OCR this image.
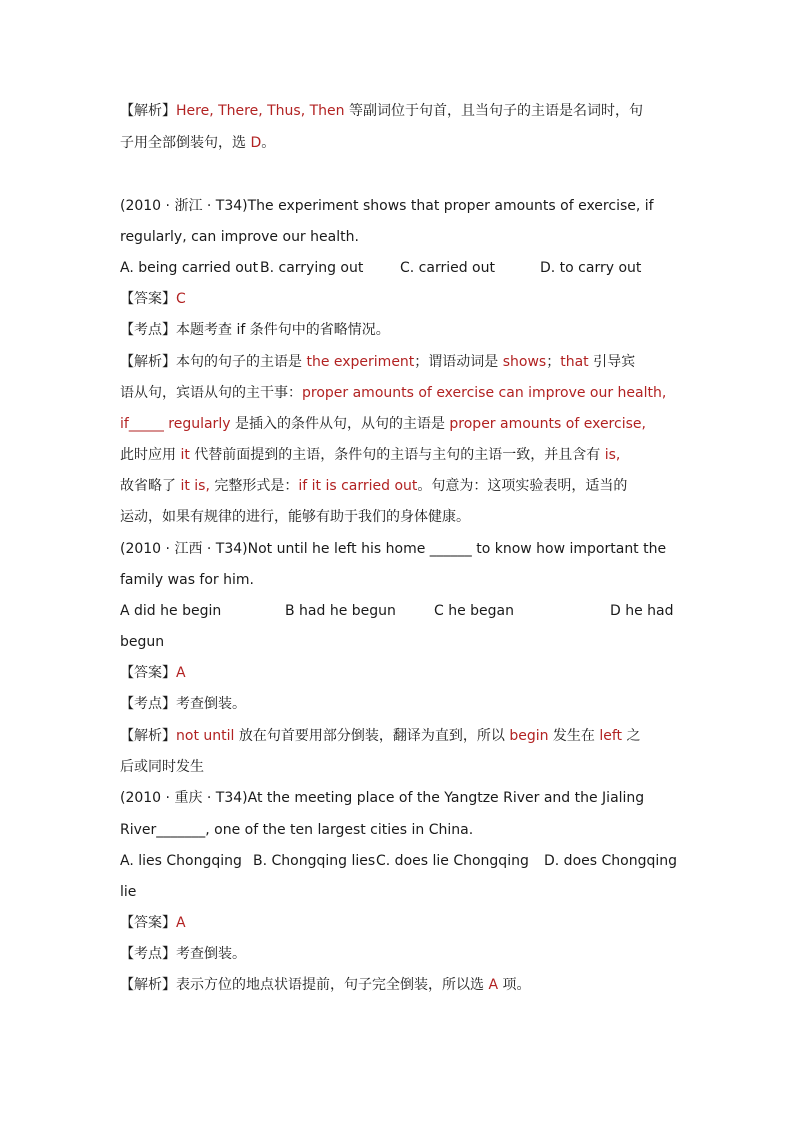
【解析】Here, There, Thus, Then 等副词位于句首，且当句子的主语是名词时，句
子用全部倒装句，选 D。
(2010 · 浙江 · T34)The experiment shows that proper amounts of exercise, if
regularly, can improve our health.
A. being carried out B. carrying out	C. carried out	D. to carry out
【答案】C
【考点】本题考查 if 条件句中的省略情况。
【解析】本句的句子的主语是 the experiment；谓语动词是 shows；that 引导宾
语从句，宾语从句的主干事：proper amounts of exercise can improve our health,
if_____ regularly 是插入的条件从句，从句的主语是 proper amounts of exercise,
此时应用 it 代替前面提到的主语，条件句的主语与主句的主语一致，并且含有 is,
故省略了 it is, 完整形式是：if it is carried out。句意为：这项实验表明，适当的
运动，如果有规律的进行，能够有助于我们的身体健康。
(2010 · 江西 · T34)Not until he left his home ______ to know how important the
family was for him.
A did he begin	B had he begun	C he began	D he had
begun
【答案】A
【考点】考查倒装。
【解析】not until 放在句首要用部分倒装，翻译为直到，所以 begin 发生在 left 之
后或同时发生
(2010 · 重庆 · T34)At the meeting place of the Yangtze River and the Jialing
River_______, one of the ten largest cities in China.
A. lies Chongqing B. Chongqing lies C. does lie Chongqing D. does Chongqing
lie
【答案】A
【考点】考查倒装。
【解析】表示方位的地点状语提前，句子完全倒装，所以选 A 项。
